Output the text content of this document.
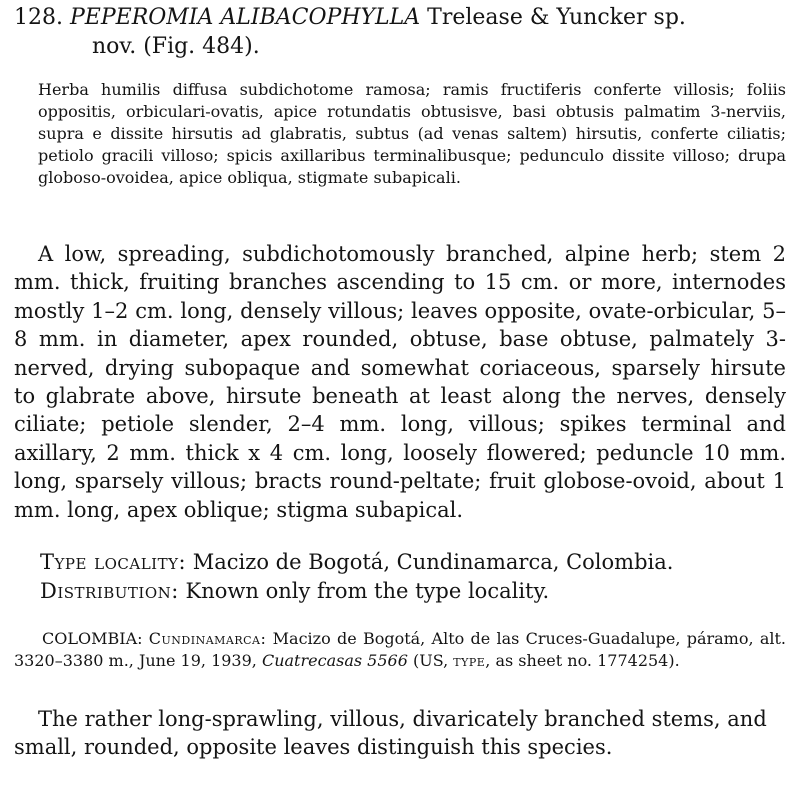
128. PEPEROMIA ALIBACOPHYLLA Trelease & Yuncker sp.
nov. (Fig. 484).

Herba humilis diffusa subdichotome ramosa; ramis fructiferis conferte villosis; foliis oppositis, orbiculari-ovatis, apice rotundatis obtusisve, basi obtusis palmatim 3-nerviis, supra e dissite hirsutis ad glabratis, subtus (ad venas saltem) hirsutis, conferte ciliatis; petiolo gracili villoso; spicis axillaribus terminalibusque; pedunculo dissite villoso; drupa globoso-ovoidea, apice obliqua, stigmate subapicali.

A low, spreading, subdichotomously branched, alpine herb; stem 2 mm. thick, fruiting branches ascending to 15 cm. or more, internodes mostly 1–2 cm. long, densely villous; leaves opposite, ovate-orbicular, 5–8 mm. in diameter, apex rounded, obtuse, base obtuse, palmately 3-nerved, drying subopaque and somewhat coriaceous, sparsely hirsute to glabrate above, hirsute beneath at least along the nerves, densely ciliate; petiole slender, 2–4 mm. long, villous; spikes terminal and axillary, 2 mm. thick x 4 cm. long, loosely flowered; peduncle 10 mm. long, sparsely villous; bracts round-peltate; fruit globose-ovoid, about 1 mm. long, apex oblique; stigma subapical.

Type locality: Macizo de Bogotá, Cundinamarca, Colombia.

Distribution: Known only from the type locality.

COLOMBIA: Cundinamarca: Macizo de Bogotá, Alto de las Cruces-Guadalupe, páramo, alt. 3320–3380 m., June 19, 1939, Cuatrecasas 5566 (US, type, as sheet no. 1774254).

The rather long-sprawling, villous, divaricately branched stems, and small, rounded, opposite leaves distinguish this species.
